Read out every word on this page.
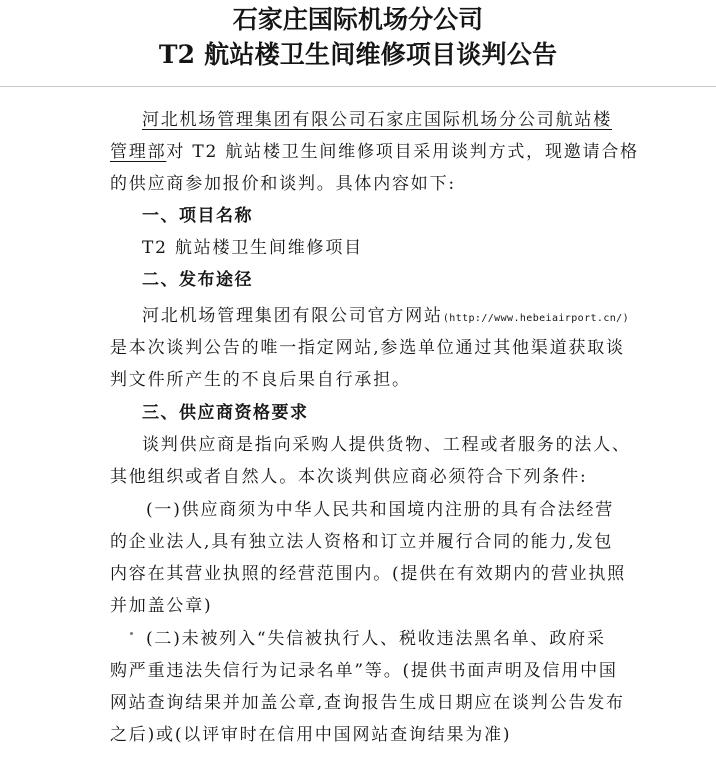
石家庄国际机场分公司
T2 航站楼卫生间维修项目谈判公告
河北机场管理集团有限公司石家庄国际机场分公司航站楼
管理部对 T2 航站楼卫生间维修项目采用谈判方式，现邀请合格
的供应商参加报价和谈判。具体内容如下:
一、项目名称
T2 航站楼卫生间维修项目
二、发布途径
河北机场管理集团有限公司官方网站(http://www.hebeiairport.cn/)
是本次谈判公告的唯一指定网站,参选单位通过其他渠道获取谈
判文件所产生的不良后果自行承担。
三、供应商资格要求
谈判供应商是指向采购人提供货物、工程或者服务的法人、
其他组织或者自然人。本次谈判供应商必须符合下列条件:
(一)供应商须为中华人民共和国境内注册的具有合法经营
的企业法人,具有独立法人资格和订立并履行合同的能力,发包
内容在其营业执照的经营范围内。(提供在有效期内的营业执照
并加盖公章)
(二)未被列入“失信被执行人、税收违法黑名单、政府采
购严重违法失信行为记录名单”等。(提供书面声明及信用中国
网站查询结果并加盖公章,查询报告生成日期应在谈判公告发布
之后)或(以评审时在信用中国网站查询结果为准)
